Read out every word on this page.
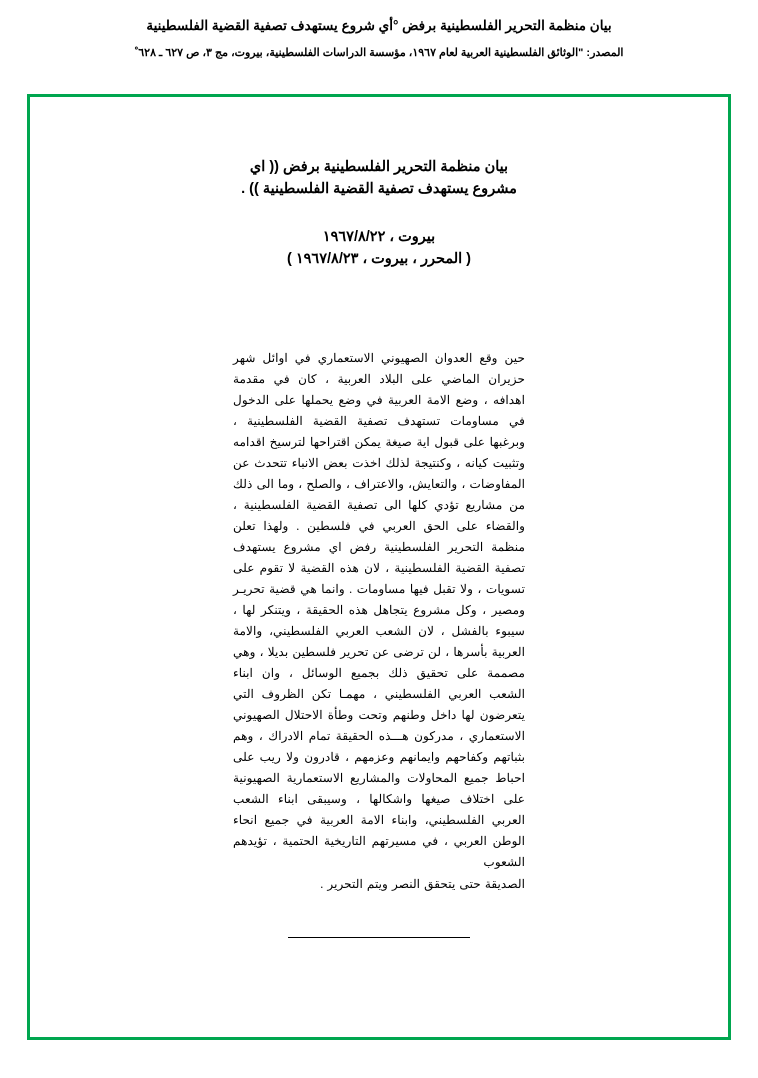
بيان منظمة التحرير الفلسطينية برفض °أي شروع يستهدف تصفية القضية الفلسطينية
المصدر: "الوثائق الفلسطينية العربية لعام ١٩٦٧، مؤسسة الدراسات الفلسطينية، بيروت، مج ٣، ص ٦٢٧ ـ ٦٢٨ ْ
بيان منظمة التحرير الفلسطينية برفض (( اي مشروع يستهدف تصفية القضية الفلسطينية )) .
بيروت ، ١٩٦٧/٨/٢٢
( المحرر ، بيروت ، ١٩٦٧/٨/٢٣ )

حين وقع العدوان الصهيوني الاستعماري في اوائل شهر حزيران الماضي على البلاد العربية ، كان في مقدمة اهدافه ، وضع الامة العربية في وضع يحملها على الدخول في مساومات تستهدف تصفية القضية الفلسطينية ، وبرغبها على قبول اية صيغة يمكن اقتراحها لترسيخ اقدامه وتثبيت كيانه ، وكنتيجة لذلك اخذت بعض الانباء تتحدث عن المفاوضات ، والتعايش، والاعتراف ، والصلح ، وما الى ذلك من مشاريع تؤدي كلها الى تصفية القضية الفلسطينية ، والقضاء على الحق العربي في فلسطين . ولهذا تعلن منظمة التحرير الفلسطينية رفض اي مشروع يستهدف تصفية القضية الفلسطينية ، لان هذه القضية لا تقوم على تسويات ، ولا تقبل فيها مساومات . وانما هي قضية تحريـر ومصير ، وكل مشروع يتجاهل هذه الحقيقة ، ويتنكر لها ، سيبوء بالفشل ، لان الشعب العربي الفلسطيني، والامة العربية بأسرها ، لن ترضى عن تحرير فلسطين بديلا ، وهي مصممة على تحقيق ذلك بجميع الوسائل ، وان ابناء الشعب العربي الفلسطيني ، مهمـا تكن الظروف التي يتعرضون لها داخل وطنهم وتحت وطأة الاحتلال الصهيوني الاستعماري ، مدركون هـــذه الحقيقة تمام الادراك ، وهم بثباتهم وكفاحهم وايمانهم وعزمهم ، قادرون ولا ريب على احباط جميع المحاولات والمشاريع الاستعمارية الصهيونية على اختلاف صيغها واشكالها ، وسيبقى ابناء الشعب العربي الفلسطيني، وابناء الامة العربية في جميع انحاء الوطن العربي ، في مسيرتهم التاريخية الحتمية ، تؤيدهم الشعوب

الصديقة حتى يتحقق النصر ويتم التحرير .
